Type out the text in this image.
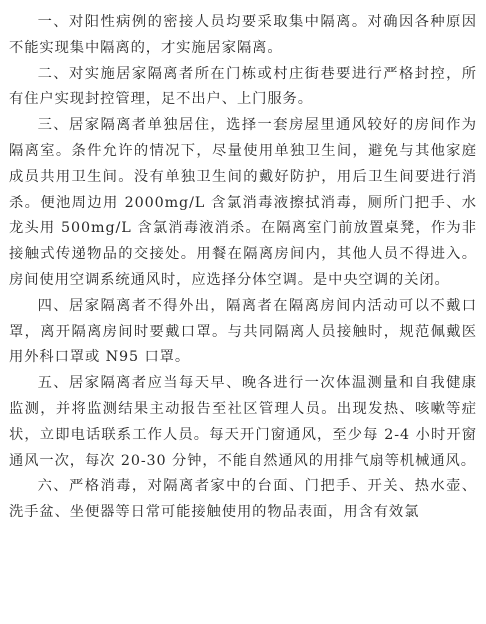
一、对阳性病例的密接人员均要采取集中隔离。对确因各种原因不能实现集中隔离的，才实施居家隔离。

二、对实施居家隔离者所在门栋或村庄街巷要进行严格封控，所有住户实现封控管理，足不出户、上门服务。

三、居家隔离者单独居住，选择一套房屋里通风较好的房间作为隔离室。条件允许的情况下，尽量使用单独卫生间，避免与其他家庭成员共用卫生间。没有单独卫生间的戴好防护，用后卫生间要进行消杀。便池周边用 2000mg/L 含氯消毒液擦拭消毒，厕所门把手、水龙头用 500mg/L 含氯消毒液消杀。在隔离室门前放置桌凳，作为非接触式传递物品的交接处。用餐在隔离房间内，其他人员不得进入。房间使用空调系统通风时，应选择分体空调。是中央空调的关闭。

四、居家隔离者不得外出，隔离者在隔离房间内活动可以不戴口罩，离开隔离房间时要戴口罩。与共同隔离人员接触时，规范佩戴医用外科口罩或 N95 口罩。

五、居家隔离者应当每天早、晚各进行一次体温测量和自我健康监测，并将监测结果主动报告至社区管理人员。出现发热、咳嗽等症状，立即电话联系工作人员。每天开门窗通风，至少每 2-4 小时开窗通风一次，每次 20-30 分钟，不能自然通风的用排气扇等机械通风。

六、严格消毒，对隔离者家中的台面、门把手、开关、热水壶、洗手盆、坐便器等日常可能接触使用的物品表面，用含有效氯
